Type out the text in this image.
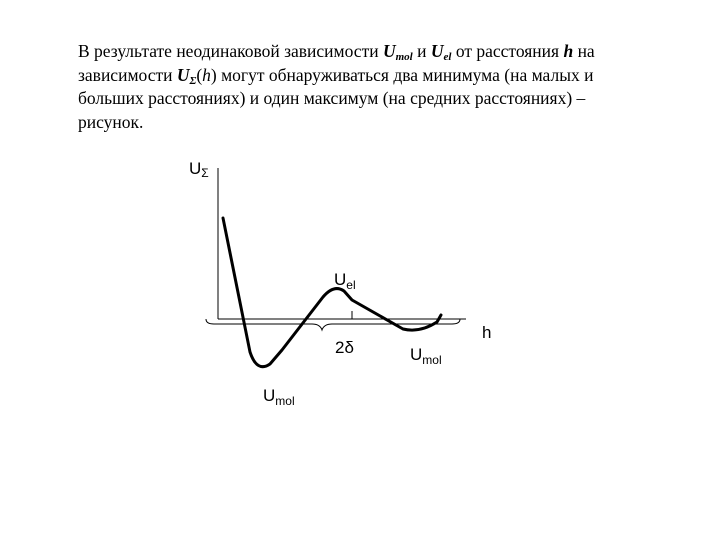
В результате неодинаковой зависимости $U_{mol}$ и $U_{el}$ от расстояния h на
зависимости $U_\Sigma(h)$ могут обнаруживаться два минимума (на малых и
больших расстояниях) и один максимум (на средних расстояниях) –
рисунок.
UΣ
h
$U_{el}$
2δ	$U_{mol}$
$U_{mol}$
